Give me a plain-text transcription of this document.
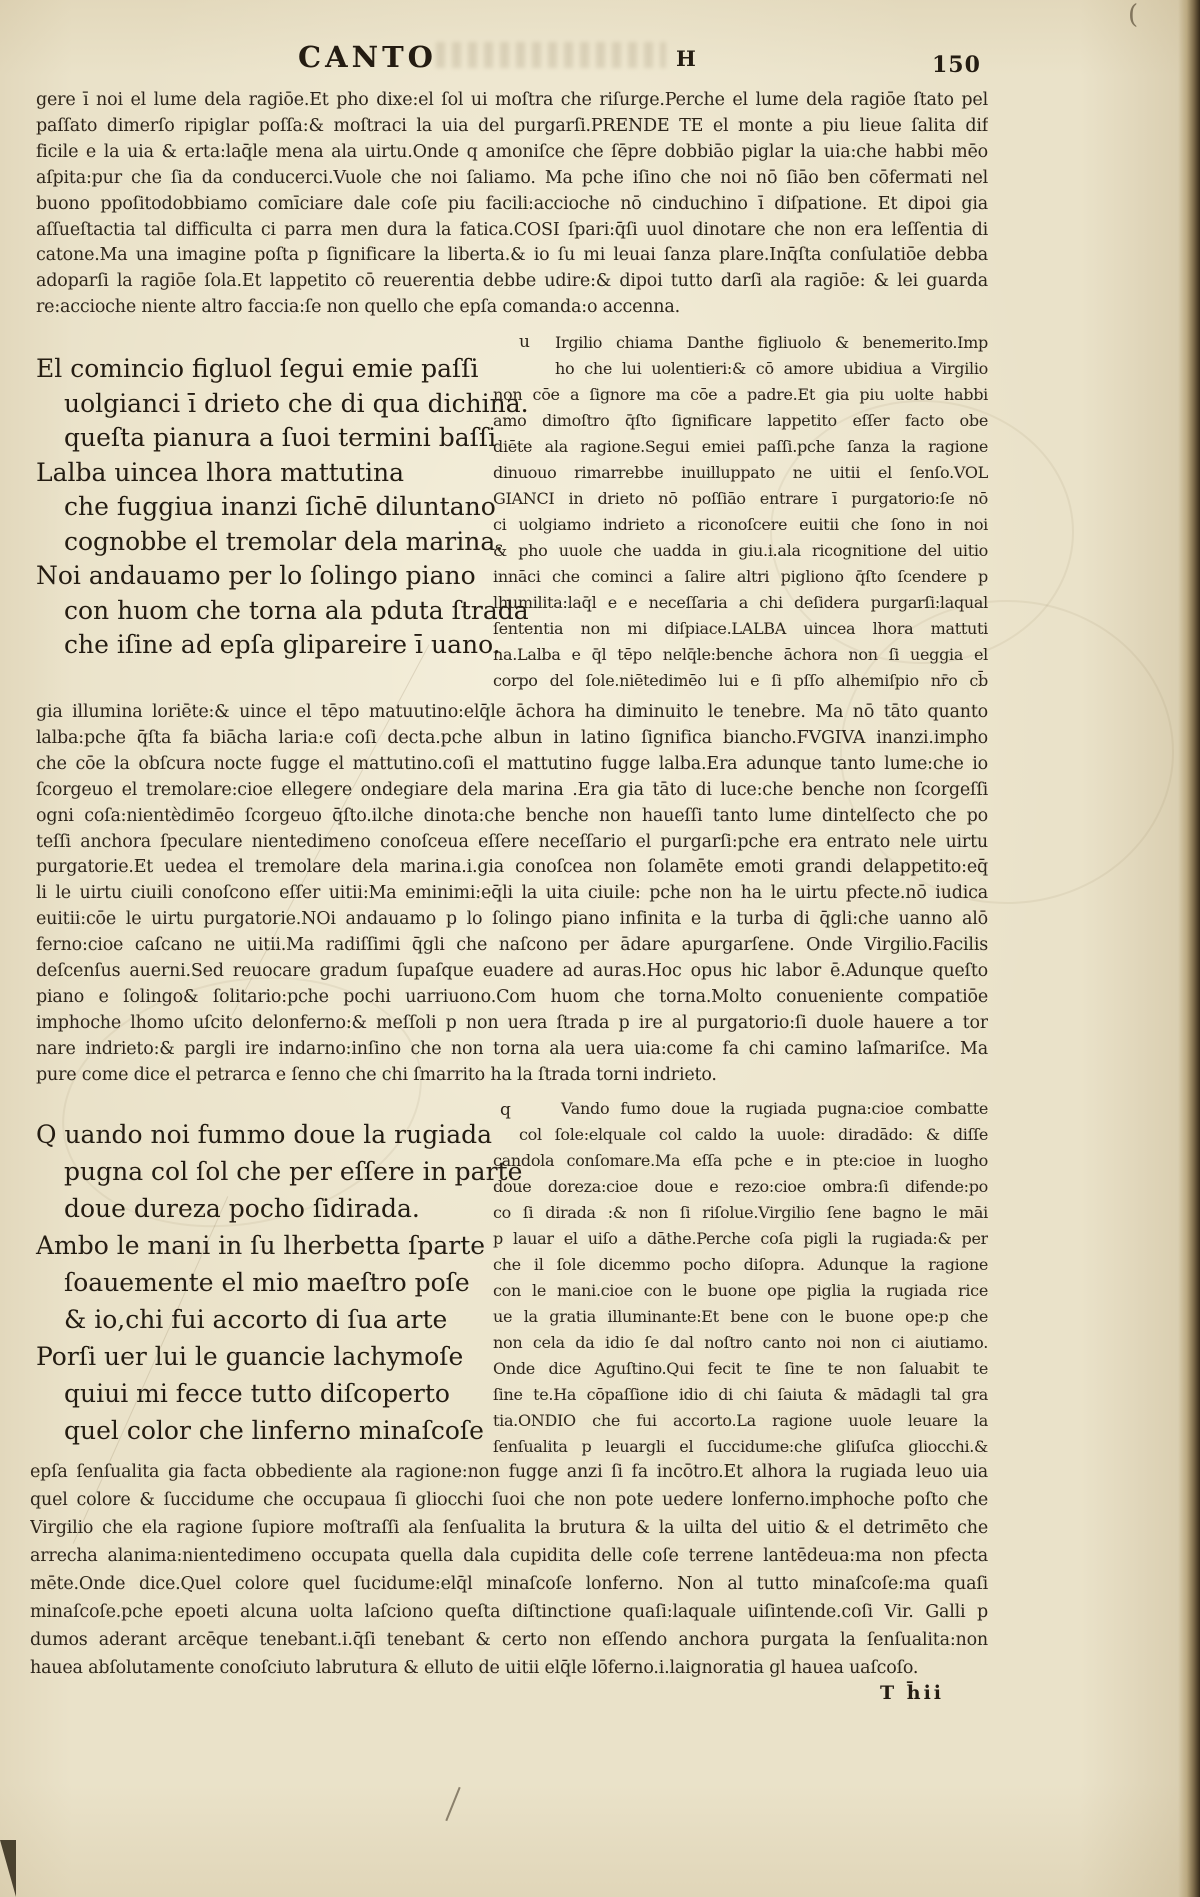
(
CANTO	H	150
gere ī noi el lume dela ragiōe.Et pho dixe:el ſol ui moſtra che riſurge.Perche el lume dela ragiōe ſtato pel
paſſato dimerſo ripiglar poſſa:& moſtraci la uia del purgarſi.PRENDE TE el monte a piu lieue ſalita dif
ficile e la uia & erta:laq̄le mena ala uirtu.Onde q amoniſce che ſēpre dobbiāo piglar la uia:che habbi mēo
aſpita:pur che ſia da conducerci.Vuole che noi ſaliamo. Ma pche iſino che noi nō ſiāo ben cōfermati nel
buono ppoſitodobbiamo comīciare dale coſe piu facili:accioche nō cinduchino ī diſpatione. Et dipoi gia
aſſueſtactia tal difficulta ci parra men dura la fatica.COSI ſpari:q̄ſi uuol dinotare che non era leſſentia di
catone.Ma una imagine poſta p ſignificare la liberta.& io ſu mi leuai ſanza plare.Inq̄ſta conſulatiōe debba
adoparſi la ragiōe ſola.Et lappetito cō reuerentia debbe udire:& dipoi tutto darſi ala ragiōe: & lei guarda
re:accioche niente altro faccia:ſe non quello che epſa comanda:o accenna.
El comincio figluol ſegui emie paſſi
uolgianci ī drieto che di qua dichina.
queſta pianura a ſuoi termini baſſi
Lalba uincea lhora mattutina
che fuggiua inanzi ſichē diluntano
cognobbe el tremolar dela marina.
Noi andauamo per lo ſolingo piano
con huom che torna ala pduta ſtrada
che iſine ad epſa glipareire ī uano.
u	Irgilio chiama Danthe figliuolo & benemerito.Imp
ho che lui uolentieri:& cō amore ubidiua a Virgilio
non cōe a ſignore ma cōe a padre.Et gia piu uolte habbi
amo dimoſtro q̄ſto ſignificare lappetito eſſer facto obe
diēte ala ragione.Segui emiei paſſi.pche ſanza la ragione
dinuouo rimarrebbe inuilluppato ne uitii el ſenſo.VOL
GIANCI in drieto nō poſſiāo entrare ī purgatorio:ſe nō
ci uolgiamo indrieto a riconoſcere euitii che ſono in noi
& pho uuole che uadda in giu.i.ala ricognitione del uitio
innāci che cominci a ſalire altri pigliono q̄ſto ſcendere p
lhumilita:laq̄l e e neceſſaria a chi deſidera purgarſi:laqual
ſententia non mi diſpiace.LALBA uincea lhora mattuti
na.Lalba e q̄l tēpo nelq̄le:benche āchora non ſi ueggia el
corpo del ſole.niētedimēo lui e ſi pſſo alhemiſpio nr̄o cb̄
gia illumina loriēte:& uince el tēpo matuutino:elq̄le āchora ha diminuito le tenebre. Ma nō tāto quanto
lalba:pche q̄ſta fa biācha laria:e coſi decta.pche albun in latino ſignifica biancho.FVGIVA inanzi.impho
che cōe la obſcura nocte fugge el mattutino.coſi el mattutino fugge lalba.Era adunque tanto lume:che io
ſcorgeuo el tremolare:cioe ellegere ondegiare dela marina .Era gia tāto di luce:che benche non ſcorgeſſi
ogni coſa:nientèdimēo ſcorgeuo q̄ſto.ilche dinota:che benche non haueſſi tanto lume dintelſecto che po
teſſi anchora ſpeculare nientedimeno conoſceua eſſere neceſſario el purgarſi:pche era entrato nele uirtu
purgatorie.Et uedea el tremolare dela marina.i.gia conoſcea non ſolamēte emoti grandi delappetito:eq̄
li le uirtu ciuili conoſcono eſſer uitii:Ma eminimi:eq̄li la uita ciuile: pche non ha le uirtu pfecte.nō iudica
euitii:cōe le uirtu purgatorie.NOi andauamo p lo ſolingo piano infinita e la turba di q̄gli:che uanno alō
ferno:cioe caſcano ne uitii.Ma radiſſimi q̄gli che naſcono per ādare apurgarſene. Onde Virgilio.Facilis
deſcenſus auerni.Sed reuocare gradum ſupaſque euadere ad auras.Hoc opus hic labor ē.Adunque queſto
piano e ſolingo& ſolitario:pche pochi uarriuono.Com huom che torna.Molto conueniente compatiōe
imphoche lhomo uſcito delonferno:& meſſoli p non uera ſtrada p ire al purgatorio:ſi duole hauere a tor
nare indrieto:& pargli ire indarno:inſino che non torna ala uera uia:come fa chi camino laſmariſce. Ma
pure come dice el petrarca e ſenno che chi ſmarrito ha la ſtrada torni indrieto.
Q uando noi fummo doue la rugiada
pugna col ſol che per eſſere in parte
doue dureza pocho ſidirada.
Ambo le mani in ſu lherbetta ſparte
ſoauemente el mio maeſtro poſe
& io,chi fui accorto di ſua arte
Porſi uer lui le guancie lachymoſe
quiui mi fecce tutto diſcoperto
quel color che linferno minaſcoſe
q	Vando fumo doue la rugiada pugna:cioe combatte
col ſole:elquale col caldo la uuole: diradādo: & diſſe
candola conſomare.Ma eſſa pche e in pte:cioe in luogho
doue doreza:cioe doue e rezo:cioe ombra:ſi difende:po
co ſi dirada :& non ſi riſolue.Virgilio ſene bagno le māi
p lauar el uiſo a dāthe.Perche coſa pigli la rugiada:& per
che il ſole dicemmo pocho diſopra. Adunque la ragione
con le mani.cioe con le buone ope piglia la rugiada rice
ue la gratia illuminante:Et bene con le buone ope:p che
non cela da idio ſe dal noſtro canto noi non ci aiutiamo.
Onde dice Aguſtino.Qui fecit te ſine te non ſaluabit te
ſine te.Ha cōpaſſione idio di chi ſaiuta & mādagli tal gra
tia.ONDIO che fui accorto.La ragione uuole leuare la
ſenſualita p leuargli el ſuccidume:che gliſuſca gliocchi.&
epſa ſenſualita gia facta obbediente ala ragione:non fugge anzi ſi fa incōtro.Et alhora la rugiada leuo uia
quel colore & ſuccidume che occupaua ſi gliocchi ſuoi che non pote uedere lonferno.imphoche poſto che
Virgilio che ela ragione ſupiore moſtraſſi ala ſenſualita la brutura & la uilta del uitio & el detrimēto che
arrecha alanima:nientedimeno occupata quella dala cupidita delle coſe terrene lantēdeua:ma non pfecta
mēte.Onde dice.Quel colore quel ſucidume:elq̄l minaſcoſe lonferno. Non al tutto minaſcoſe:ma quaſi
minaſcoſe.pche epoeti alcuna uolta laſciono queſta diſtinctione quaſi:laquale uiſintende.coſi Vir. Galli p
dumos aderant arcēque tenebant.i.q̄ſi tenebant & certo non eſſendo anchora purgata la ſenſualita:non
hauea abſolutamente conoſciuto labrutura & elluto de uitii elq̄le lōferno.i.laignoratia gl hauea uaſcoſo.
T h̄ii
